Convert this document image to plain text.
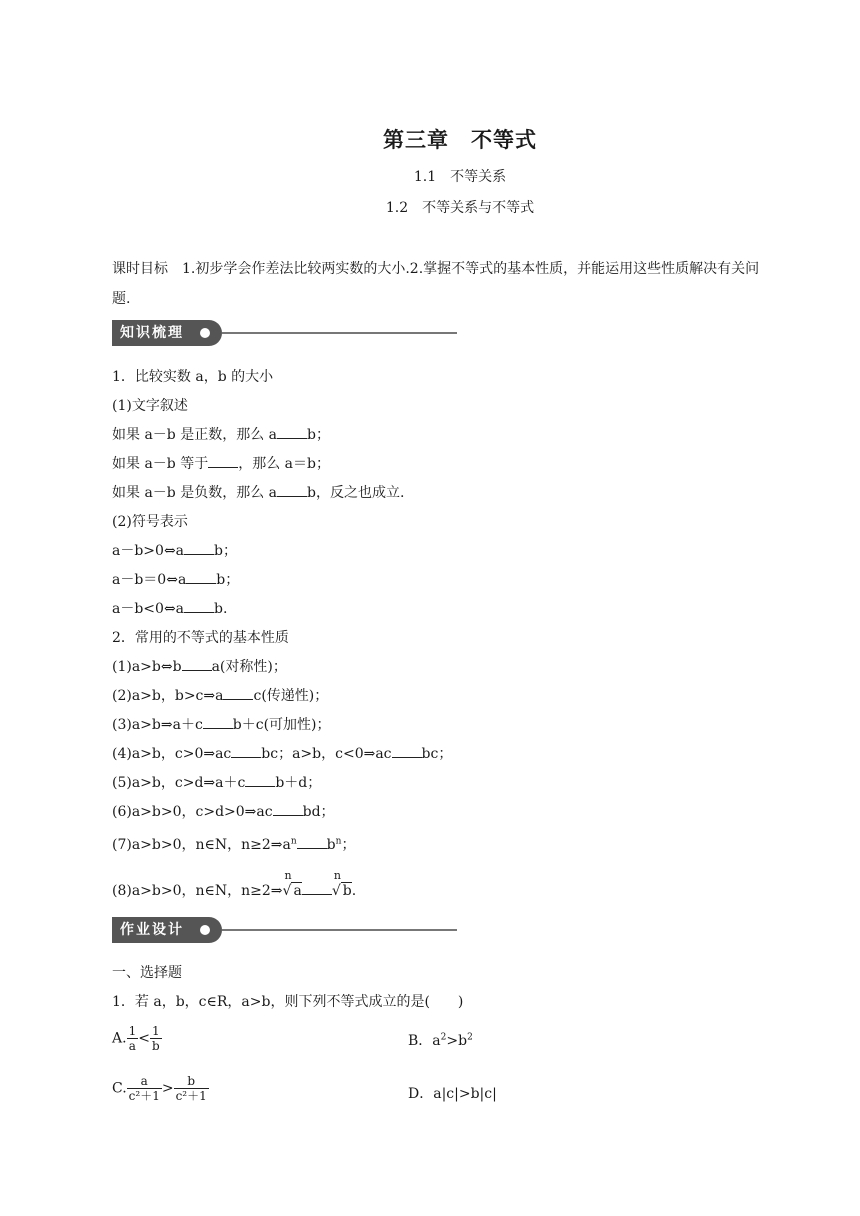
第三章　不等式
1.1　不等关系
1.2　不等关系与不等式
课时目标　1.初步学会作差法比较两实数的大小.2.掌握不等式的基本性质，并能运用这些性质解决有关问题.
知识梳理
1．比较实数 a，b 的大小
(1)文字叙述
如果 a－b 是正数，那么 a b；
如果 a－b 等于 ，那么 a＝b；
如果 a－b 是负数，那么 a b，反之也成立.
(2)符号表示
a－b>0⇔a b；
a－b＝0⇔a b；
a－b<0⇔a b.
2．常用的不等式的基本性质
(1)a>b⇔b a(对称性)；
(2)a>b，b>c⇒a c(传递性)；
(3)a>b⇒a＋c b＋c(可加性)；
(4)a>b，c>0⇒ac bc；a>b，c<0⇒ac bc；
(5)a>b，c>d⇒a＋c b＋d；
(6)a>b>0，c>d>0⇒ac bd；
(7)a>b>0，n∈N，$n\ge 2\Rightarrow a^n$ $b^n$；
(8)a>b>0，n∈N，n≥2⇒
n
√ a
n
√ b.
作业设计
一、选择题
1．若 a，b，c∈R，a>b，则下列不等式成立的是(　　)
A. $\frac{1}{a} < \frac{1}{b}$	B．$a^2>b^2$
C. $\frac{a}{\text{c²＋1}} > \frac{b}{\text{c²＋1}}$	D．a|c|>b|c|
